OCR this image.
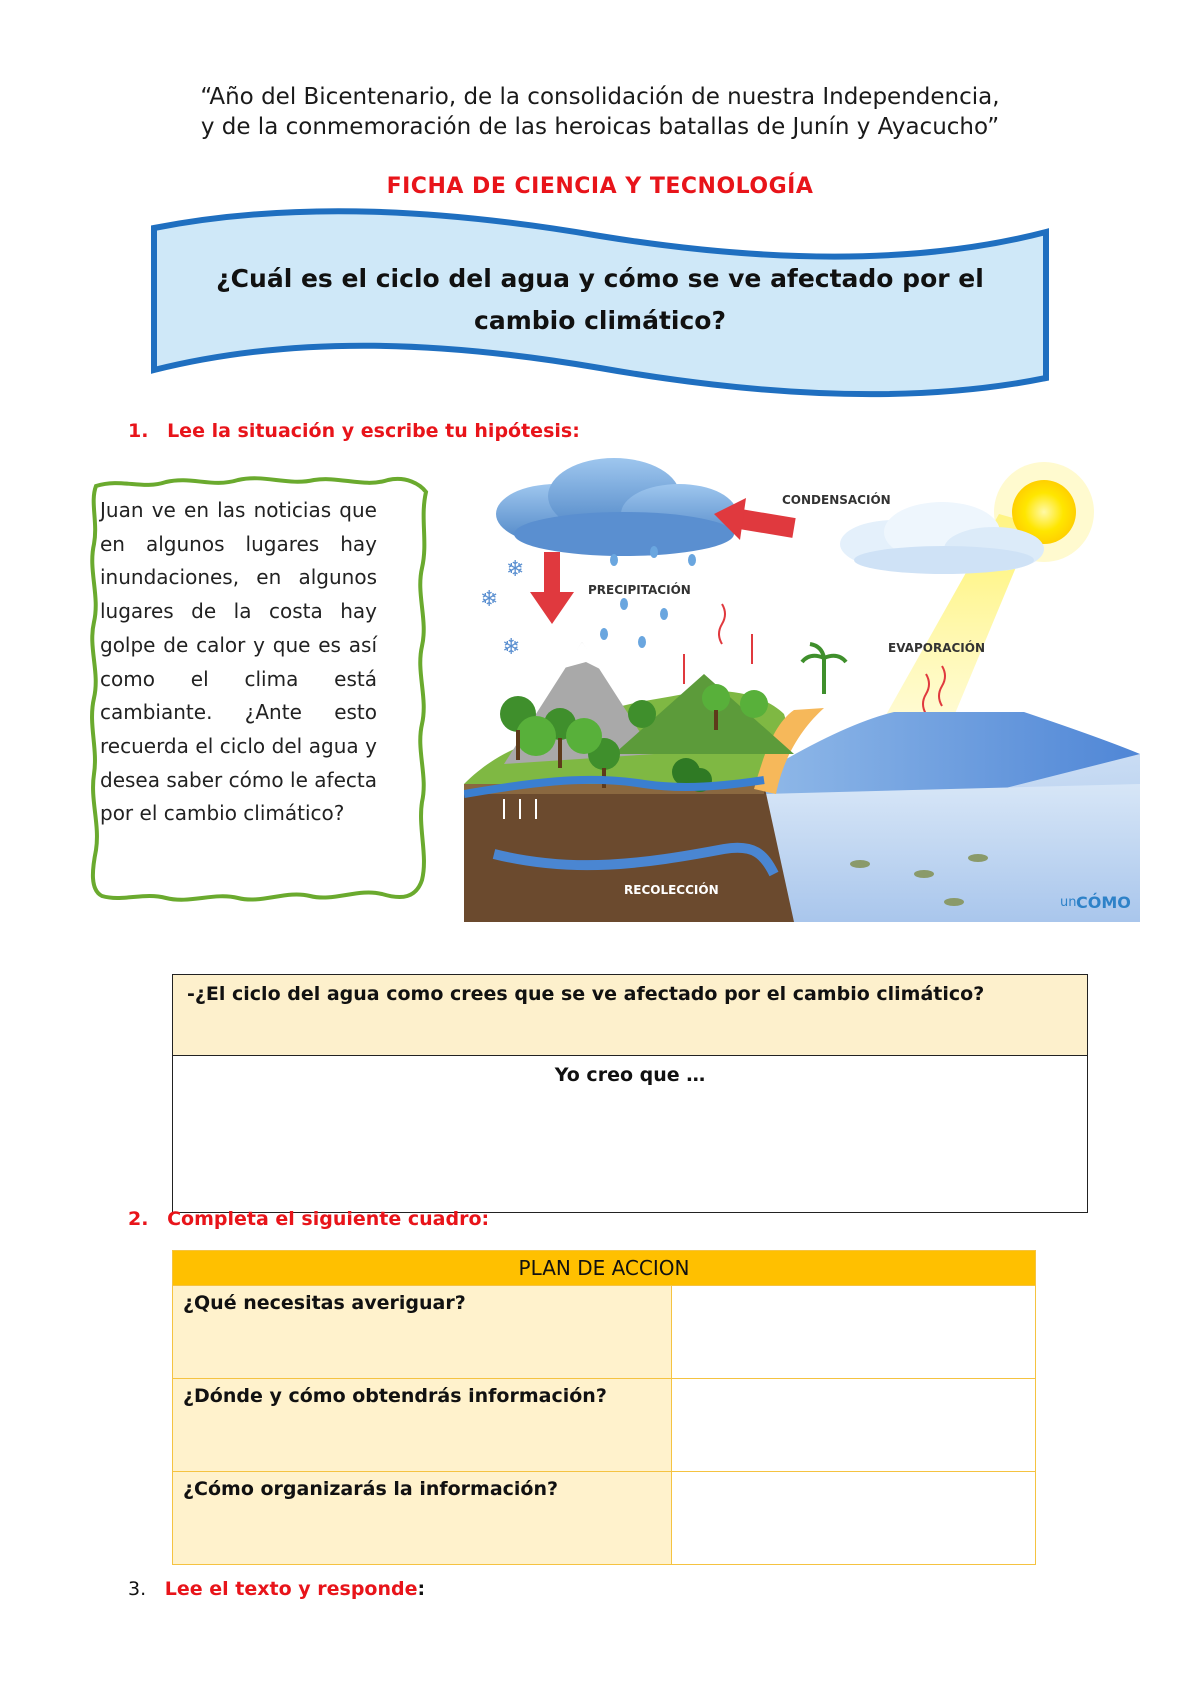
“Año del Bicentenario, de la consolidación de nuestra Independencia,
y de la conmemoración de las heroicas batallas de Junín y Ayacucho”
FICHA DE CIENCIA Y TECNOLOGÍA
¿Cuál es el ciclo del agua y cómo se ve afectado por el
cambio climático?
1. Lee la situación y escribe tu hipótesis:
Juan ve en las noticias que en algunos lugares hay inundaciones, en algunos lugares de la costa hay golpe de calor y que es así como el clima está cambiante. ¿Ante esto recuerda el ciclo del agua y desea saber cómo le afecta por el cambio climático?
❄
❄
❄
CONDENSACIÓN
PRECIPITACIÓN
EVAPORACIÓN
RECOLECCIÓN
un CÓMO
-¿El ciclo del agua como crees que se ve afectado por el cambio climático?
Yo creo que …
2. Completa el siguiente cuadro:
PLAN DE ACCION	
¿Qué necesitas averiguar?	
¿Dónde y cómo obtendrás información?	
¿Cómo organizarás la información?	
3. Lee el texto y responde:
